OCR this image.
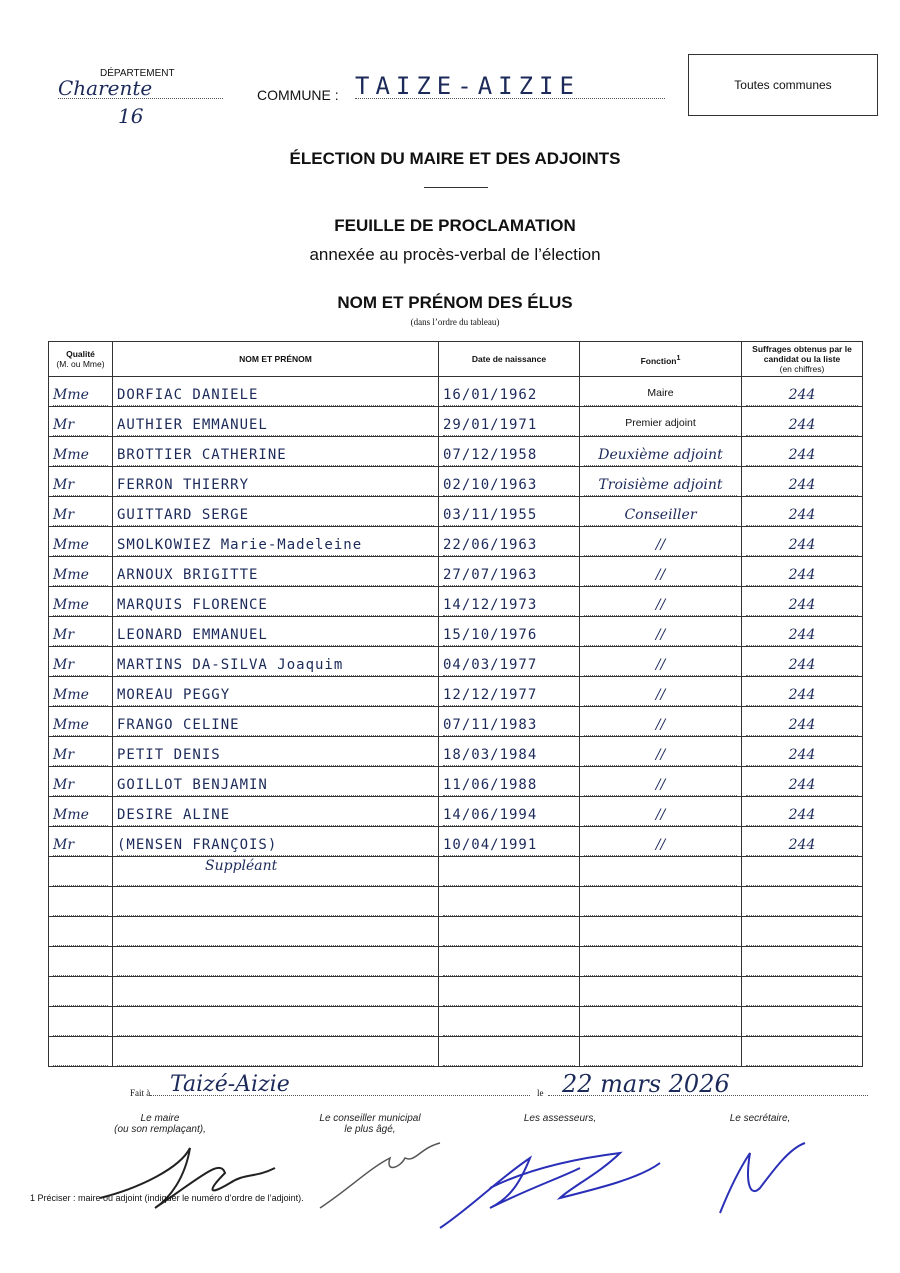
DÉPARTEMENT
Charente
16
COMMUNE : TAIZE-AIZIE	Toutes communes
ÉLECTION DU MAIRE ET DES ADJOINTS
FEUILLE DE PROCLAMATION
annexée au procès-verbal de l’élection
NOM ET PRÉNOM DES ÉLUS
(dans l’ordre du tableau)
Qualité
(M. ou Mme)	NOM ET PRÉNOM	Date de naissance	Fonction$^1$	Suffrages obtenus par le candidat ou la liste
(en chiffres)

Mme	DORFIAC DANIELE	16/01/1962	Maire	244

Mr	AUTHIER EMMANUEL	29/01/1971	Premier adjoint	244

Mme	BROTTIER CATHERINE	07/12/1958	Deuxième adjoint	244

Mr	FERRON THIERRY	02/10/1963	Troisième adjoint	244

Mr	GUITTARD SERGE	03/11/1955	Conseiller	244

Mme	SMOLKOWIEZ Marie-Madeleine	22/06/1963	//	244

Mme	ARNOUX BRIGITTE	27/07/1963	//	244

Mme	MARQUIS FLORENCE	14/12/1973	//	244

Mr	LEONARD EMMANUEL	15/10/1976	//	244

Mr	MARTINS DA-SILVA Joaquim	04/03/1977	//	244

Mme	MOREAU PEGGY	12/12/1977	//	244

Mme	FRANGO CELINE	07/11/1983	//	244

Mr	PETIT DENIS	18/03/1984	//	244

Mr	GOILLOT BENJAMIN	11/06/1988	//	244

Mme	DESIRE ALINE	14/06/1994	//	244

Mr	(MENSEN FRANÇOIS)	10/04/1991	//	244

Suppléant
Fait à Taizé-Aizie	le 22 mars 2026
Le maire
(ou son remplaçant),
Le conseiller municipal
le plus âgé,
Les assesseurs,	Le secrétaire,
1 Préciser : maire ou adjoint (indiquer le numéro d’ordre de l’adjoint).
